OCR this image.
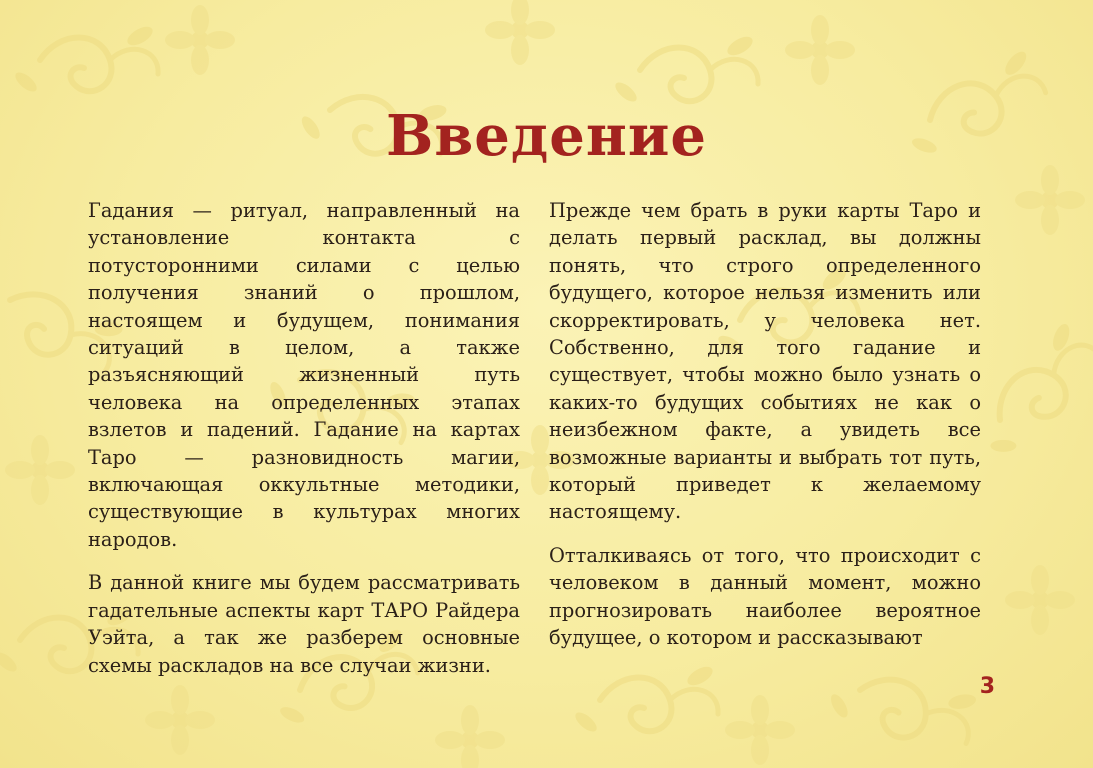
Введение

Гадания — ритуал, направленный на установление контакта с потусторонними силами с целью получения знаний о прошлом, настоящем и будущем, понимания ситуаций в целом, а также разъясняющий жизненный путь человека на определенных этапах взлетов и падений. Гадание на картах Таро — разновидность магии, включающая оккультные методики, существующие в культурах многих народов.

В данной книге мы будем рассматривать гадательные аспекты карт ТАРО Райдера Уэйта, а так же разберем основные схемы раскладов на все случаи жизни.

Прежде чем брать в руки карты Таро и делать первый расклад, вы должны понять, что строго определенного будущего, которое нельзя изменить или скорректировать, у человека нет. Собственно, для того гадание и существует, чтобы можно было узнать о каких-то будущих событиях не как о неизбежном факте, а увидеть все возможные варианты и выбрать тот путь, который приведет к желаемому настоящему.

Отталкиваясь от того, что происходит с человеком в данный момент, можно прогнозировать наиболее вероятное будущее, о котором и рассказывают

3
